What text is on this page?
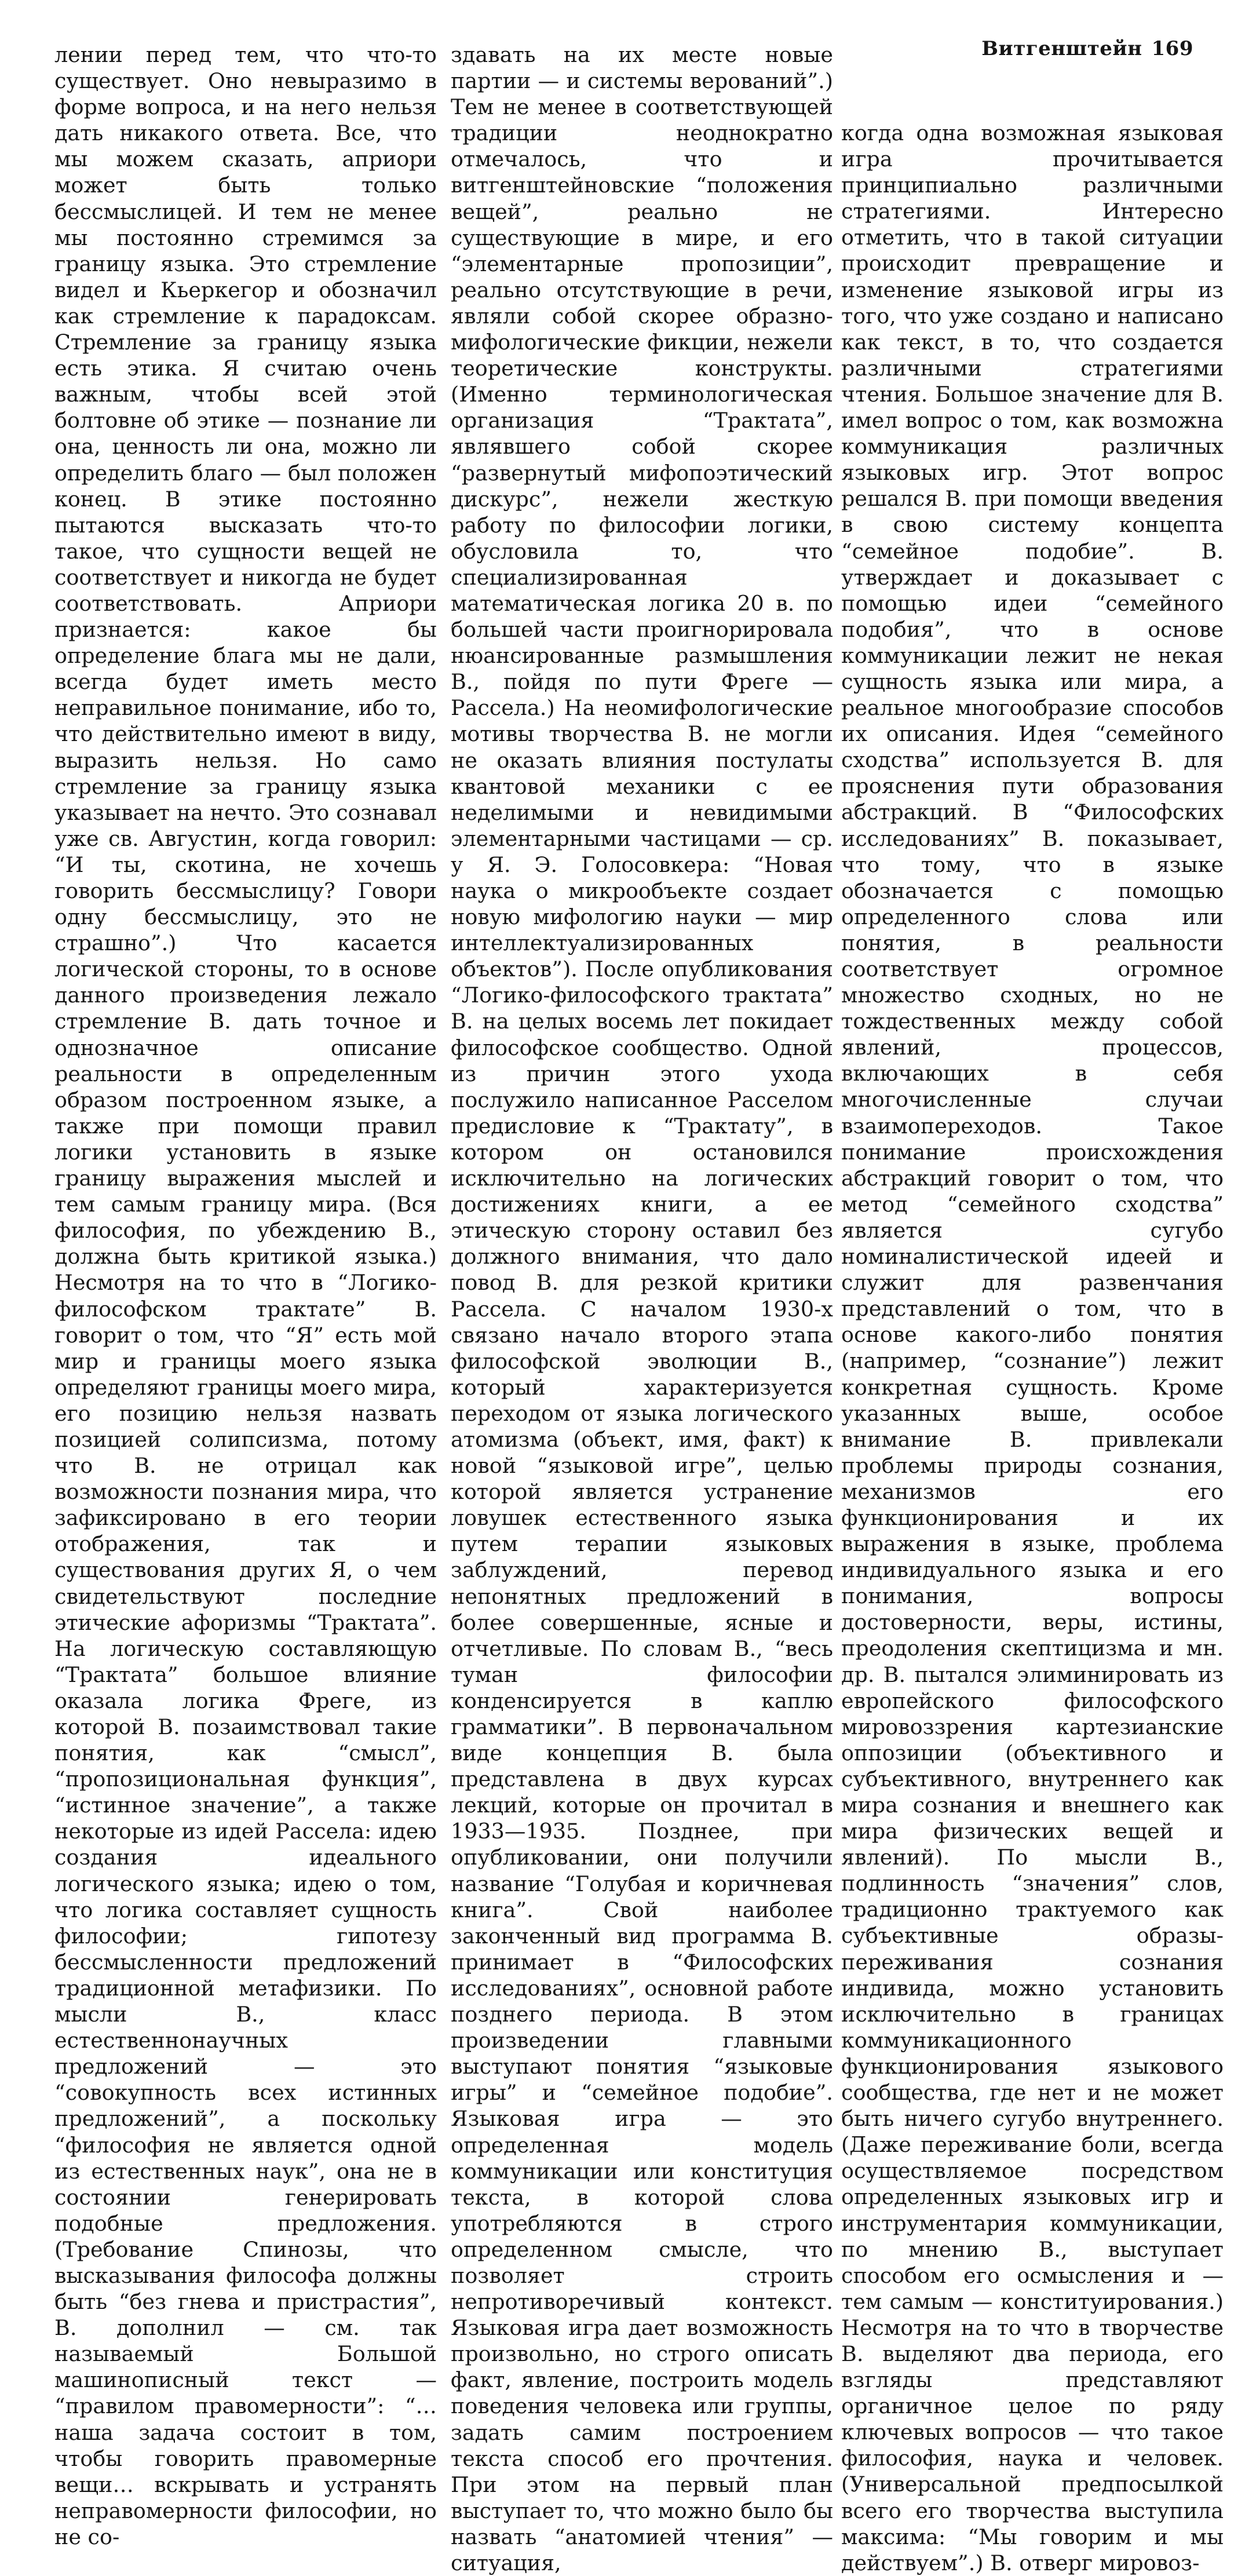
Витгенштейн 169

лении перед тем, что что-то существует. Оно невыразимо в форме вопроса, и на него нельзя дать никакого ответа. Все, что мы можем сказать, априори может быть только бессмыслицей. И тем не менее мы постоянно стремимся за границу языка. Это стремление видел и Кьеркегор и обозначил как стремление к парадоксам. Стремление за границу языка есть этика. Я считаю очень важным, чтобы всей этой болтовне об этике — познание ли она, ценность ли она, можно ли определить благо — был положен конец. В этике постоянно пытаются высказать что-то такое, что сущности вещей не соответствует и никогда не будет соответствовать. Априори признается: какое бы определение блага мы не дали, всегда будет иметь место неправильное понимание, ибо то, что действительно имеют в виду, выразить нельзя. Но само стремление за границу языка указывает на нечто. Это сознавал уже св. Августин, когда говорил: “И ты, скотина, не хочешь говорить бессмыслицу? Говори одну бессмыслицу, это не страшно”.) Что касается логической стороны, то в основе данного произведения лежало стремление В. дать точное и однозначное описание реальности в определенным образом построенном языке, а также при помощи правил логики установить в языке границу выражения мыслей и тем самым границу мира. (Вся философия, по убеждению В., должна быть критикой языка.) Несмотря на то что в “Логико-философском трактате” В. говорит о том, что “Я” есть мой мир и границы моего языка определяют границы моего мира, его позицию нельзя назвать позицией солипсизма, потому что В. не отрицал как возможности познания мира, что зафиксировано в его теории отображения, так и существования других Я, о чем свидетельствуют последние этические афоризмы “Трактата”. На логическую составляющую “Трактата” большое влияние оказала логика Фреге, из которой В. позаимствовал такие понятия, как “смысл”, “пропозициональная функция”, “истинное значение”, а также некоторые из идей Рассела: идею создания идеального логического языка; идею о том, что логика составляет сущность философии; гипотезу бессмысленности предложений традиционной метафизики. По мысли В., класс естественнонаучных предложений — это “совокупность всех истинных предложений”, а поскольку “философия не является одной из естественных наук”, она не в состоянии генерировать подобные предложения. (Требование Спинозы, что высказывания философа должны быть “без гнева и пристрастия”, В. дополнил — см. так называемый Большой машинописный текст — “правилом правомерности”: “…наша задача состоит в том, чтобы говорить правомерные вещи… вскрывать и устранять неправомерности философии, но не со-

здавать на их месте новые партии — и системы верований”.) Тем не менее в соответствующей традиции неоднократно отмечалось, что и витгенштейновские “положения вещей”, реально не существующие в мире, и его “элементарные пропозиции”, реально отсутствующие в речи, являли собой скорее образно-мифологические фикции, нежели теоретические конструкты. (Именно терминологическая организация “Трактата”, являвшего собой скорее “развернутый мифопоэтический дискурс”, нежели жесткую работу по философии логики, обусловила то, что специализированная математическая логика 20 в. по большей части проигнорировала нюансированные размышления В., пойдя по пути Фреге — Рассела.) На неомифологические мотивы творчества В. не могли не оказать влияния постулаты квантовой механики с ее неделимыми и невидимыми элементарными частицами — ср. у Я. Э. Голосовкера: “Новая наука о микрообъекте создает новую мифологию науки — мир интеллектуализированных объектов”). После опубликования “Логико-философского трактата” В. на целых восемь лет покидает философское сообщество. Одной из причин этого ухода послужило написанное Расселом предисловие к “Трактату”, в котором он остановился исключительно на логических достижениях книги, а ее этическую сторону оставил без должного внимания, что дало повод В. для резкой критики Рассела. С началом 1930-х связано начало второго этапа философской эволюции В., который характеризуется переходом от языка логического атомизма (объект, имя, факт) к новой “языковой игре”, целью которой является устранение ловушек естественного языка путем терапии языковых заблуждений, перевод непонятных предложений в более совершенные, ясные и отчетливые. По словам В., “весь туман философии конденсируется в каплю грамматики”. В первоначальном виде концепция В. была представлена в двух курсах лекций, которые он прочитал в 1933—1935. Позднее, при опубликовании, они получили название “Голубая и коричневая книга”. Свой наиболее законченный вид программа В. принимает в “Философских исследованиях”, основной работе позднего периода. В этом произведении главными выступают понятия “языковые игры” и “семейное подобие”. Языковая игра — это определенная модель коммуникации или конституция текста, в которой слова употребляются в строго определенном смысле, что позволяет строить непротиворечивый контекст. Языковая игра дает возможность произвольно, но строго описать факт, явление, построить модель поведения человека или группы, задать самим построением текста способ его прочтения. При этом на первый план выступает то, что можно было бы назвать “анатомией чтения” — ситуация,

когда одна возможная языковая игра прочитывается принципиально различными стратегиями. Интересно отметить, что в такой ситуации происходит превращение и изменение языковой игры из того, что уже создано и написано как текст, в то, что создается различными стратегиями чтения. Большое значение для В. имел вопрос о том, как возможна коммуникация различных языковых игр. Этот вопрос решался В. при помощи введения в свою систему концепта “семейное подобие”. В. утверждает и доказывает с помощью идеи “семейного подобия”, что в основе коммуникации лежит не некая сущность языка или мира, а реальное многообразие способов их описания. Идея “семейного сходства” используется В. для прояснения пути образования абстракций. В “Философских исследованиях” В. показывает, что тому, что в языке обозначается с помощью определенного слова или понятия, в реальности соответствует огромное множество сходных, но не тождественных между собой явлений, процессов, включающих в себя многочисленные случаи взаимопереходов. Такое понимание происхождения абстракций говорит о том, что метод “семейного сходства” является сугубо номиналистической идеей и служит для развенчания представлений о том, что в основе какого-либо понятия (например, “сознание”) лежит конкретная сущность. Кроме указанных выше, особое внимание В. привлекали проблемы природы сознания, механизмов его функционирования и их выражения в языке, проблема индивидуального языка и его понимания, вопросы достоверности, веры, истины, преодоления скептицизма и мн. др. В. пытался элиминировать из европейского философского мировоззрения картезианские оппозиции (объективного и субъективного, внутреннего как мира сознания и внешнего как мира физических вещей и явлений). По мысли В., подлинность “значения” слов, традиционно трактуемого как субъективные образы-переживания сознания индивида, можно установить исключительно в границах коммуникационного функционирования языкового сообщества, где нет и не может быть ничего сугубо внутреннего. (Даже переживание боли, всегда осуществляемое посредством определенных языковых игр и инструментария коммуникации, по мнению В., выступает способом его осмысления и — тем самым — конституирования.) Несмотря на то что в творчестве В. выделяют два периода, его взгляды представляют органичное целое по ряду ключевых вопросов — что такое философия, наука и человек. (Универсальной предпосылкой всего его творчества выступила максима: “Мы говорим и мы действуем”.) В. отверг мировоз-
